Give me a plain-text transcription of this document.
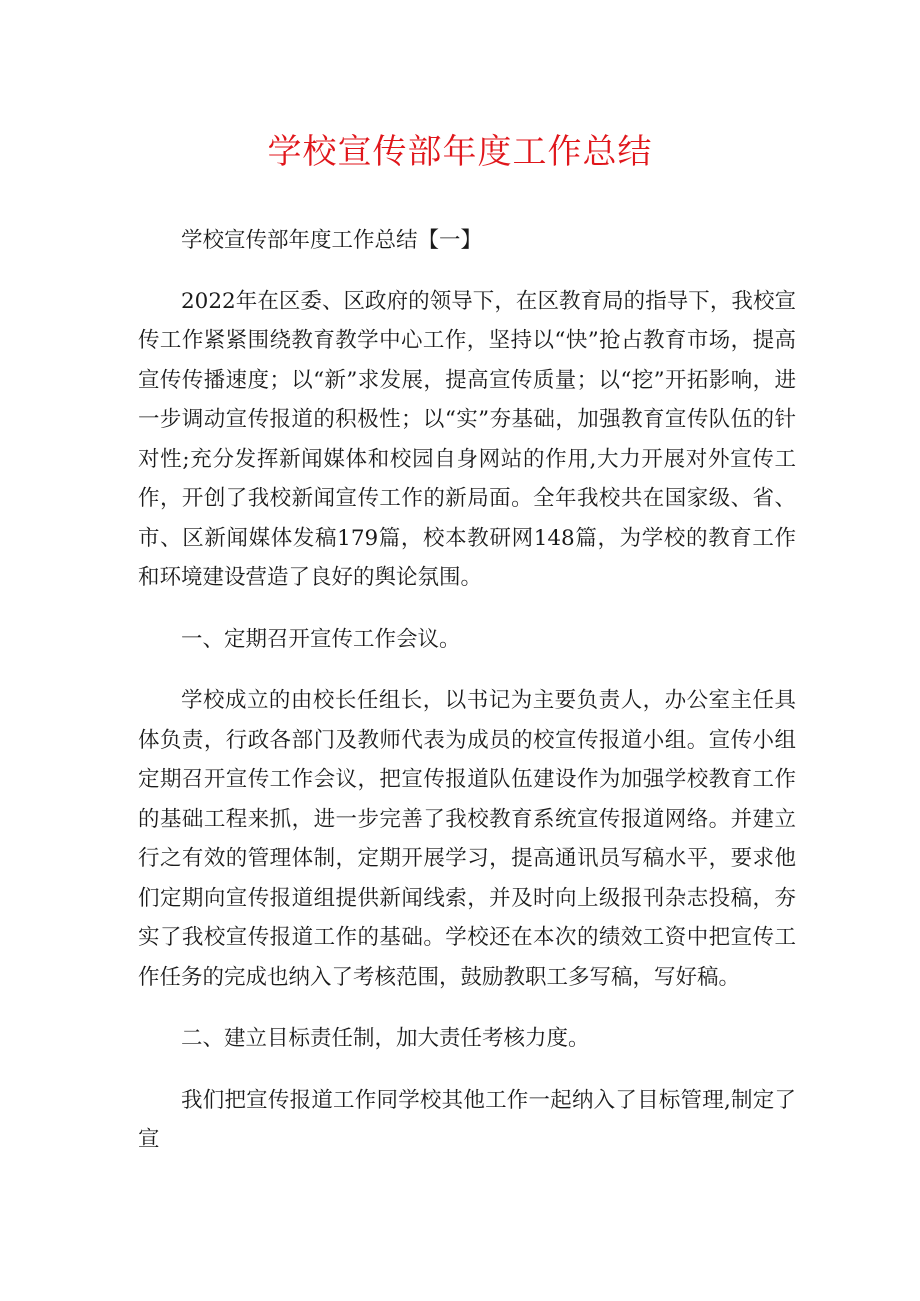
学校宣传部年度工作总结

学校宣传部年度工作总结【一】

2022年在区委、区政府的领导下，在区教育局的指导下，我校宣传工作紧紧围绕教育教学中心工作，坚持以“快”抢占教育市场，提高宣传传播速度；以“新”求发展，提高宣传质量；以“挖”开拓影响，进一步调动宣传报道的积极性；以“实”夯基础，加强教育宣传队伍的针对性;充分发挥新闻媒体和校园自身网站的作用,大力开展对外宣传工作，开创了我校新闻宣传工作的新局面。全年我校共在国家级、省、市、区新闻媒体发稿179篇，校本教研网148篇，为学校的教育工作和环境建设营造了良好的舆论氛围。

一、定期召开宣传工作会议。

学校成立的由校长任组长，以书记为主要负责人，办公室主任具体负责，行政各部门及教师代表为成员的校宣传报道小组。宣传小组定期召开宣传工作会议，把宣传报道队伍建设作为加强学校教育工作的基础工程来抓，进一步完善了我校教育系统宣传报道网络。并建立行之有效的管理体制，定期开展学习，提高通讯员写稿水平，要求他们定期向宣传报道组提供新闻线索，并及时向上级报刊杂志投稿，夯实了我校宣传报道工作的基础。学校还在本次的绩效工资中把宣传工作任务的完成也纳入了考核范围，鼓励教职工多写稿，写好稿。

二、建立目标责任制，加大责任考核力度。

我们把宣传报道工作同学校其他工作一起纳入了目标管理,制定了宣
